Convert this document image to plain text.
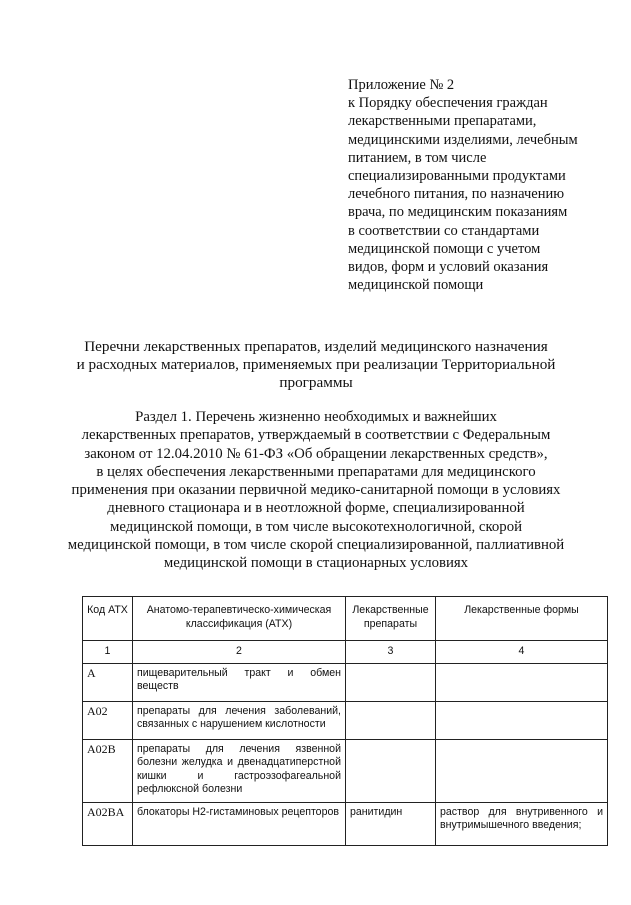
Приложение № 2
к Порядку обеспечения граждан
лекарственными препаратами,
медицинскими изделиями, лечебным
питанием, в том числе
специализированными продуктами
лечебного питания, по назначению
врача, по медицинским показаниям
в соответствии со стандартами
медицинской помощи с учетом
видов, форм и условий оказания
медицинской помощи
Перечни лекарственных препаратов, изделий медицинского назначения
и расходных материалов, применяемых при реализации Территориальной
программы
Раздел 1. Перечень жизненно необходимых и важнейших
лекарственных препаратов, утверждаемый в соответствии с Федеральным
законом от 12.04.2010 № 61-ФЗ «Об обращении лекарственных средств»,
в целях обеспечения лекарственными препаратами для медицинского
применения при оказании первичной медико-санитарной помощи в условиях
дневного стационара и в неотложной форме, специализированной
медицинской помощи, в том числе высокотехнологичной, скорой
медицинской помощи, в том числе скорой специализированной, паллиативной
медицинской помощи в стационарных условиях
Код АТХ	Анатомо-терапевтическо-химическая классификация (АТХ)	Лекарственные препараты	Лекарственные формы
1	2	3	4
A	пищеварительный тракт и обмен веществ		
A02	препараты для лечения заболеваний, связанных с нарушением кислотности		
A02B	препараты для лечения язвенной болезни желудка и двенадцатиперстной кишки и гастроэзофагеальной рефлюксной болезни		
A02BA	блокаторы Н2-гистаминовых рецепторов	ранитидин	раствор для внутривенного и внутримышечного введения;
